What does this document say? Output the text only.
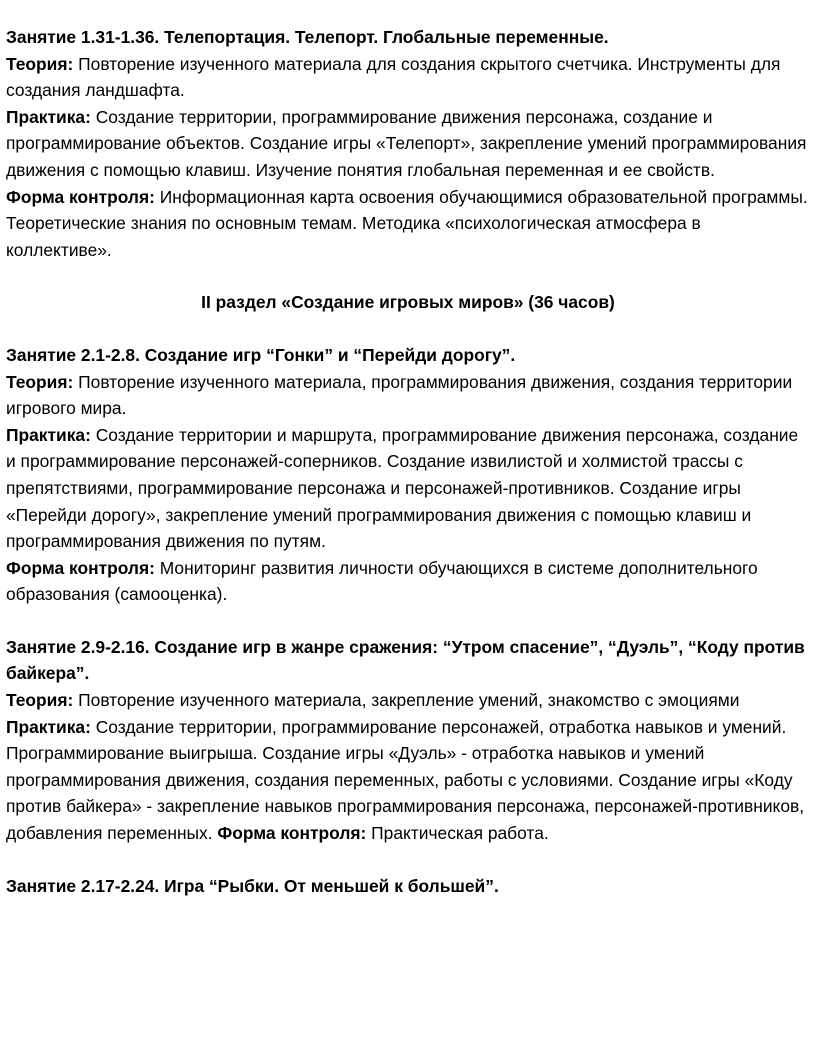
Занятие 1.31-1.36. Телепортация. Телепорт. Глобальные переменные.

Теория: Повторение изученного материала для создания скрытого счетчика. Инструменты для создания ландшафта.

Практика: Создание территории, программирование движения персонажа, создание и программирование объектов. Создание игры «Телепорт», закрепление умений программирования движения с помощью клавиш. Изучение понятия глобальная переменная и ее свойств.

Форма контроля: Информационная карта освоения обучающимися образовательной программы. Теоретические знания по основным темам. Методика «психологическая атмосфера в коллективе».

II раздел «Создание игровых миров» (36 часов)

Занятие 2.1-2.8. Создание игр “Гонки” и “Перейди дорогу”.

Теория: Повторение изученного материала, программирования движения, создания территории игрового мира.

Практика: Создание территории и маршрута, программирование движения персонажа, создание и программирование персонажей-соперников. Создание извилистой и холмистой трассы с препятствиями, программирование персонажа и персонажей-противников. Создание игры «Перейди дорогу», закрепление умений программирования движения с помощью клавиш и программирования движения по путям.

Форма контроля: Мониторинг развития личности обучающихся в системе дополнительного образования (самооценка).

Занятие 2.9-2.16. Создание игр в жанре сражения: “Утром спасение”, “Дуэль”, “Коду против байкера”.

Теория: Повторение изученного материала, закрепление умений, знакомство с эмоциями

Практика: Создание территории, программирование персонажей, отработка навыков и умений. Программирование выигрыша. Создание игры «Дуэль» - отработка навыков и умений программирования движения, создания переменных, работы с условиями. Создание игры «Коду против байкера» - закрепление навыков программирования персонажа, персонажей-противников, добавления переменных. Форма контроля: Практическая работа.

Занятие 2.17-2.24. Игра “Рыбки. От меньшей к большей”.
